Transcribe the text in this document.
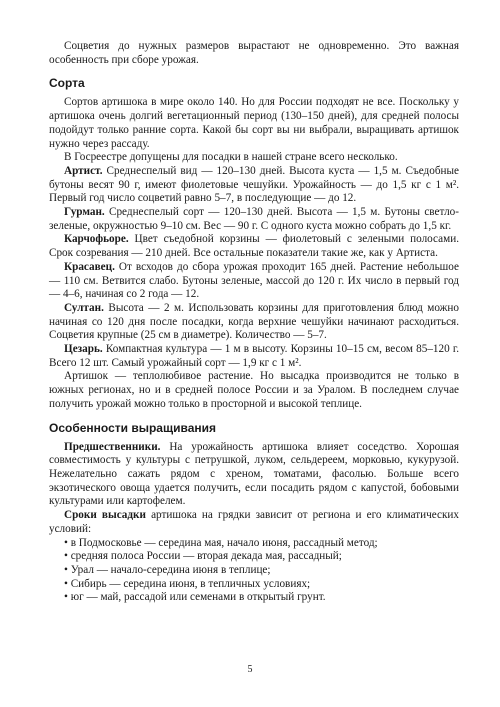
Соцветия до нужных размеров вырастают не одновременно. Это важная особенность при сборе урожая.

Сорта

Сортов артишока в мире около 140. Но для России подходят не все. Поскольку у артишока очень долгий вегетационный период (130–150 дней), для средней полосы подойдут только ранние сорта. Какой бы сорт вы ни выбрали, выращивать артишок нужно через рассаду.

В Госреестре допущены для посадки в нашей стране всего несколько.

Артист. Среднеспелый вид — 120–130 дней. Высота куста — 1,5 м. Съедобные бутоны весят 90 г, имеют фиолетовые чешуйки. Урожайность — до 1,5 кг с 1 м². Первый год число соцветий равно 5–7, в последующие — до 12.

Гурман. Среднеспелый сорт — 120–130 дней. Высота — 1,5 м. Бутоны светло-зеленые, окружностью 9–10 см. Вес — 90 г. С одного куста можно собрать до 1,5 кг.

Карчофьоре. Цвет съедобной корзины — фиолетовый с зелеными полосами. Срок созревания — 210 дней. Все остальные показатели такие же, как у Артиста.

Красавец. От всходов до сбора урожая проходит 165 дней. Растение небольшое — 110 см. Ветвится слабо. Бутоны зеленые, массой до 120 г. Их число в первый год — 4–6, начиная со 2 года — 12.

Султан. Высота — 2 м. Использовать корзины для приготовления блюд можно начиная со 120 дня после посадки, когда верхние чешуйки начинают расходиться. Соцветия крупные (25 см в диаметре). Количество — 5–7.

Цезарь. Компактная культура — 1 м в высоту. Корзины 10–15 см, весом 85–120 г. Всего 12 шт. Самый урожайный сорт — 1,9 кг с 1 м².

Артишок — теплолюбивое растение. Но высадка производится не только в южных регионах, но и в средней полосе России и за Уралом. В последнем случае получить урожай можно только в просторной и высокой теплице.

Особенности выращивания

Предшественники. На урожайность артишока влияет соседство. Хорошая совместимость у культуры с петрушкой, луком, сельдереем, морковью, кукурузой. Нежелательно сажать рядом с хреном, томатами, фасолью. Больше всего экзотического овоща удается получить, если посадить рядом с капустой, бобовыми культурами или картофелем.

Сроки высадки артишока на грядки зависит от региона и его климатических условий:

• в Подмосковье — середина мая, начало июня, рассадный метод;
• средняя полоса России — вторая декада мая, рассадный;
• Урал — начало-середина июня в теплице;
• Сибирь — середина июня, в тепличных условиях;
• юг — май, рассадой или семенами в открытый грунт.
5
